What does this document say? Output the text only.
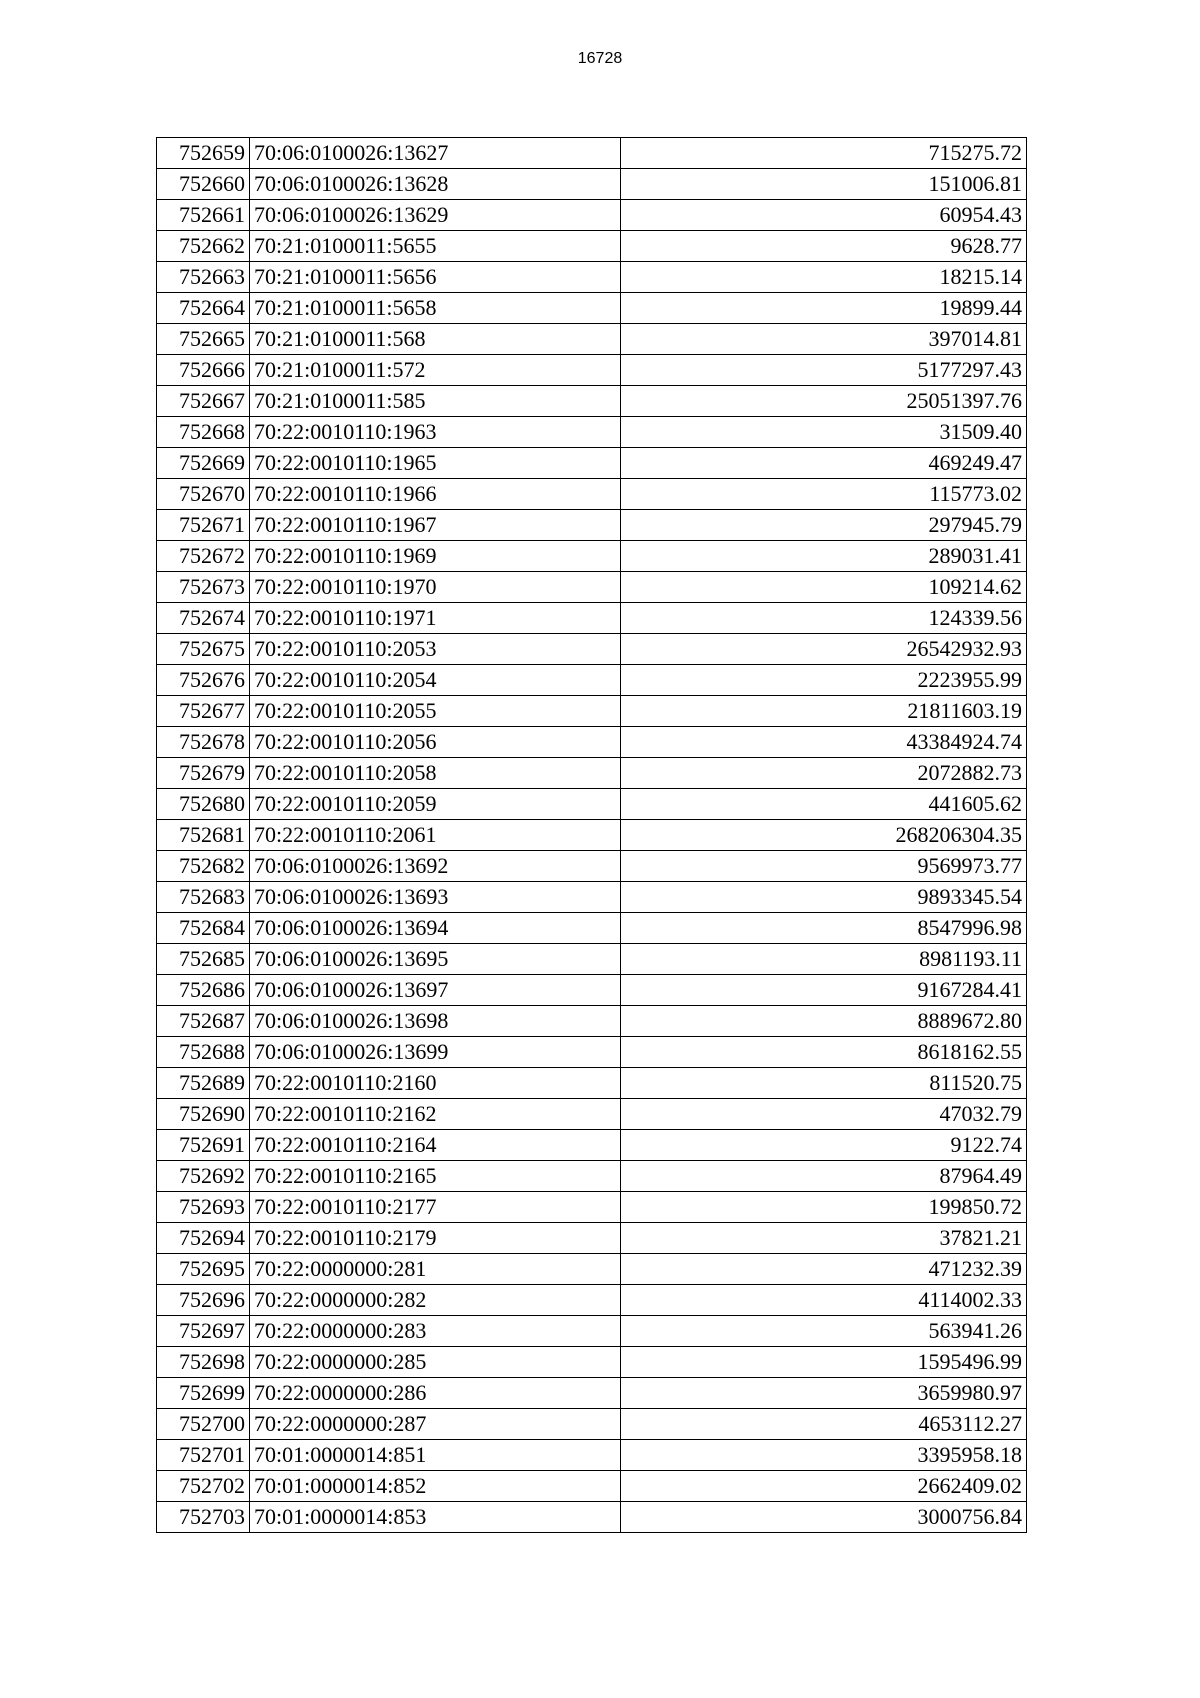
16728
752659	70:06:0100026:13627	715275.72
752660	70:06:0100026:13628	151006.81
752661	70:06:0100026:13629	60954.43
752662	70:21:0100011:5655	9628.77
752663	70:21:0100011:5656	18215.14
752664	70:21:0100011:5658	19899.44
752665	70:21:0100011:568	397014.81
752666	70:21:0100011:572	5177297.43
752667	70:21:0100011:585	25051397.76
752668	70:22:0010110:1963	31509.40
752669	70:22:0010110:1965	469249.47
752670	70:22:0010110:1966	115773.02
752671	70:22:0010110:1967	297945.79
752672	70:22:0010110:1969	289031.41
752673	70:22:0010110:1970	109214.62
752674	70:22:0010110:1971	124339.56
752675	70:22:0010110:2053	26542932.93
752676	70:22:0010110:2054	2223955.99
752677	70:22:0010110:2055	21811603.19
752678	70:22:0010110:2056	43384924.74
752679	70:22:0010110:2058	2072882.73
752680	70:22:0010110:2059	441605.62
752681	70:22:0010110:2061	268206304.35
752682	70:06:0100026:13692	9569973.77
752683	70:06:0100026:13693	9893345.54
752684	70:06:0100026:13694	8547996.98
752685	70:06:0100026:13695	8981193.11
752686	70:06:0100026:13697	9167284.41
752687	70:06:0100026:13698	8889672.80
752688	70:06:0100026:13699	8618162.55
752689	70:22:0010110:2160	811520.75
752690	70:22:0010110:2162	47032.79
752691	70:22:0010110:2164	9122.74
752692	70:22:0010110:2165	87964.49
752693	70:22:0010110:2177	199850.72
752694	70:22:0010110:2179	37821.21
752695	70:22:0000000:281	471232.39
752696	70:22:0000000:282	4114002.33
752697	70:22:0000000:283	563941.26
752698	70:22:0000000:285	1595496.99
752699	70:22:0000000:286	3659980.97
752700	70:22:0000000:287	4653112.27
752701	70:01:0000014:851	3395958.18
752702	70:01:0000014:852	2662409.02
752703	70:01:0000014:853	3000756.84
